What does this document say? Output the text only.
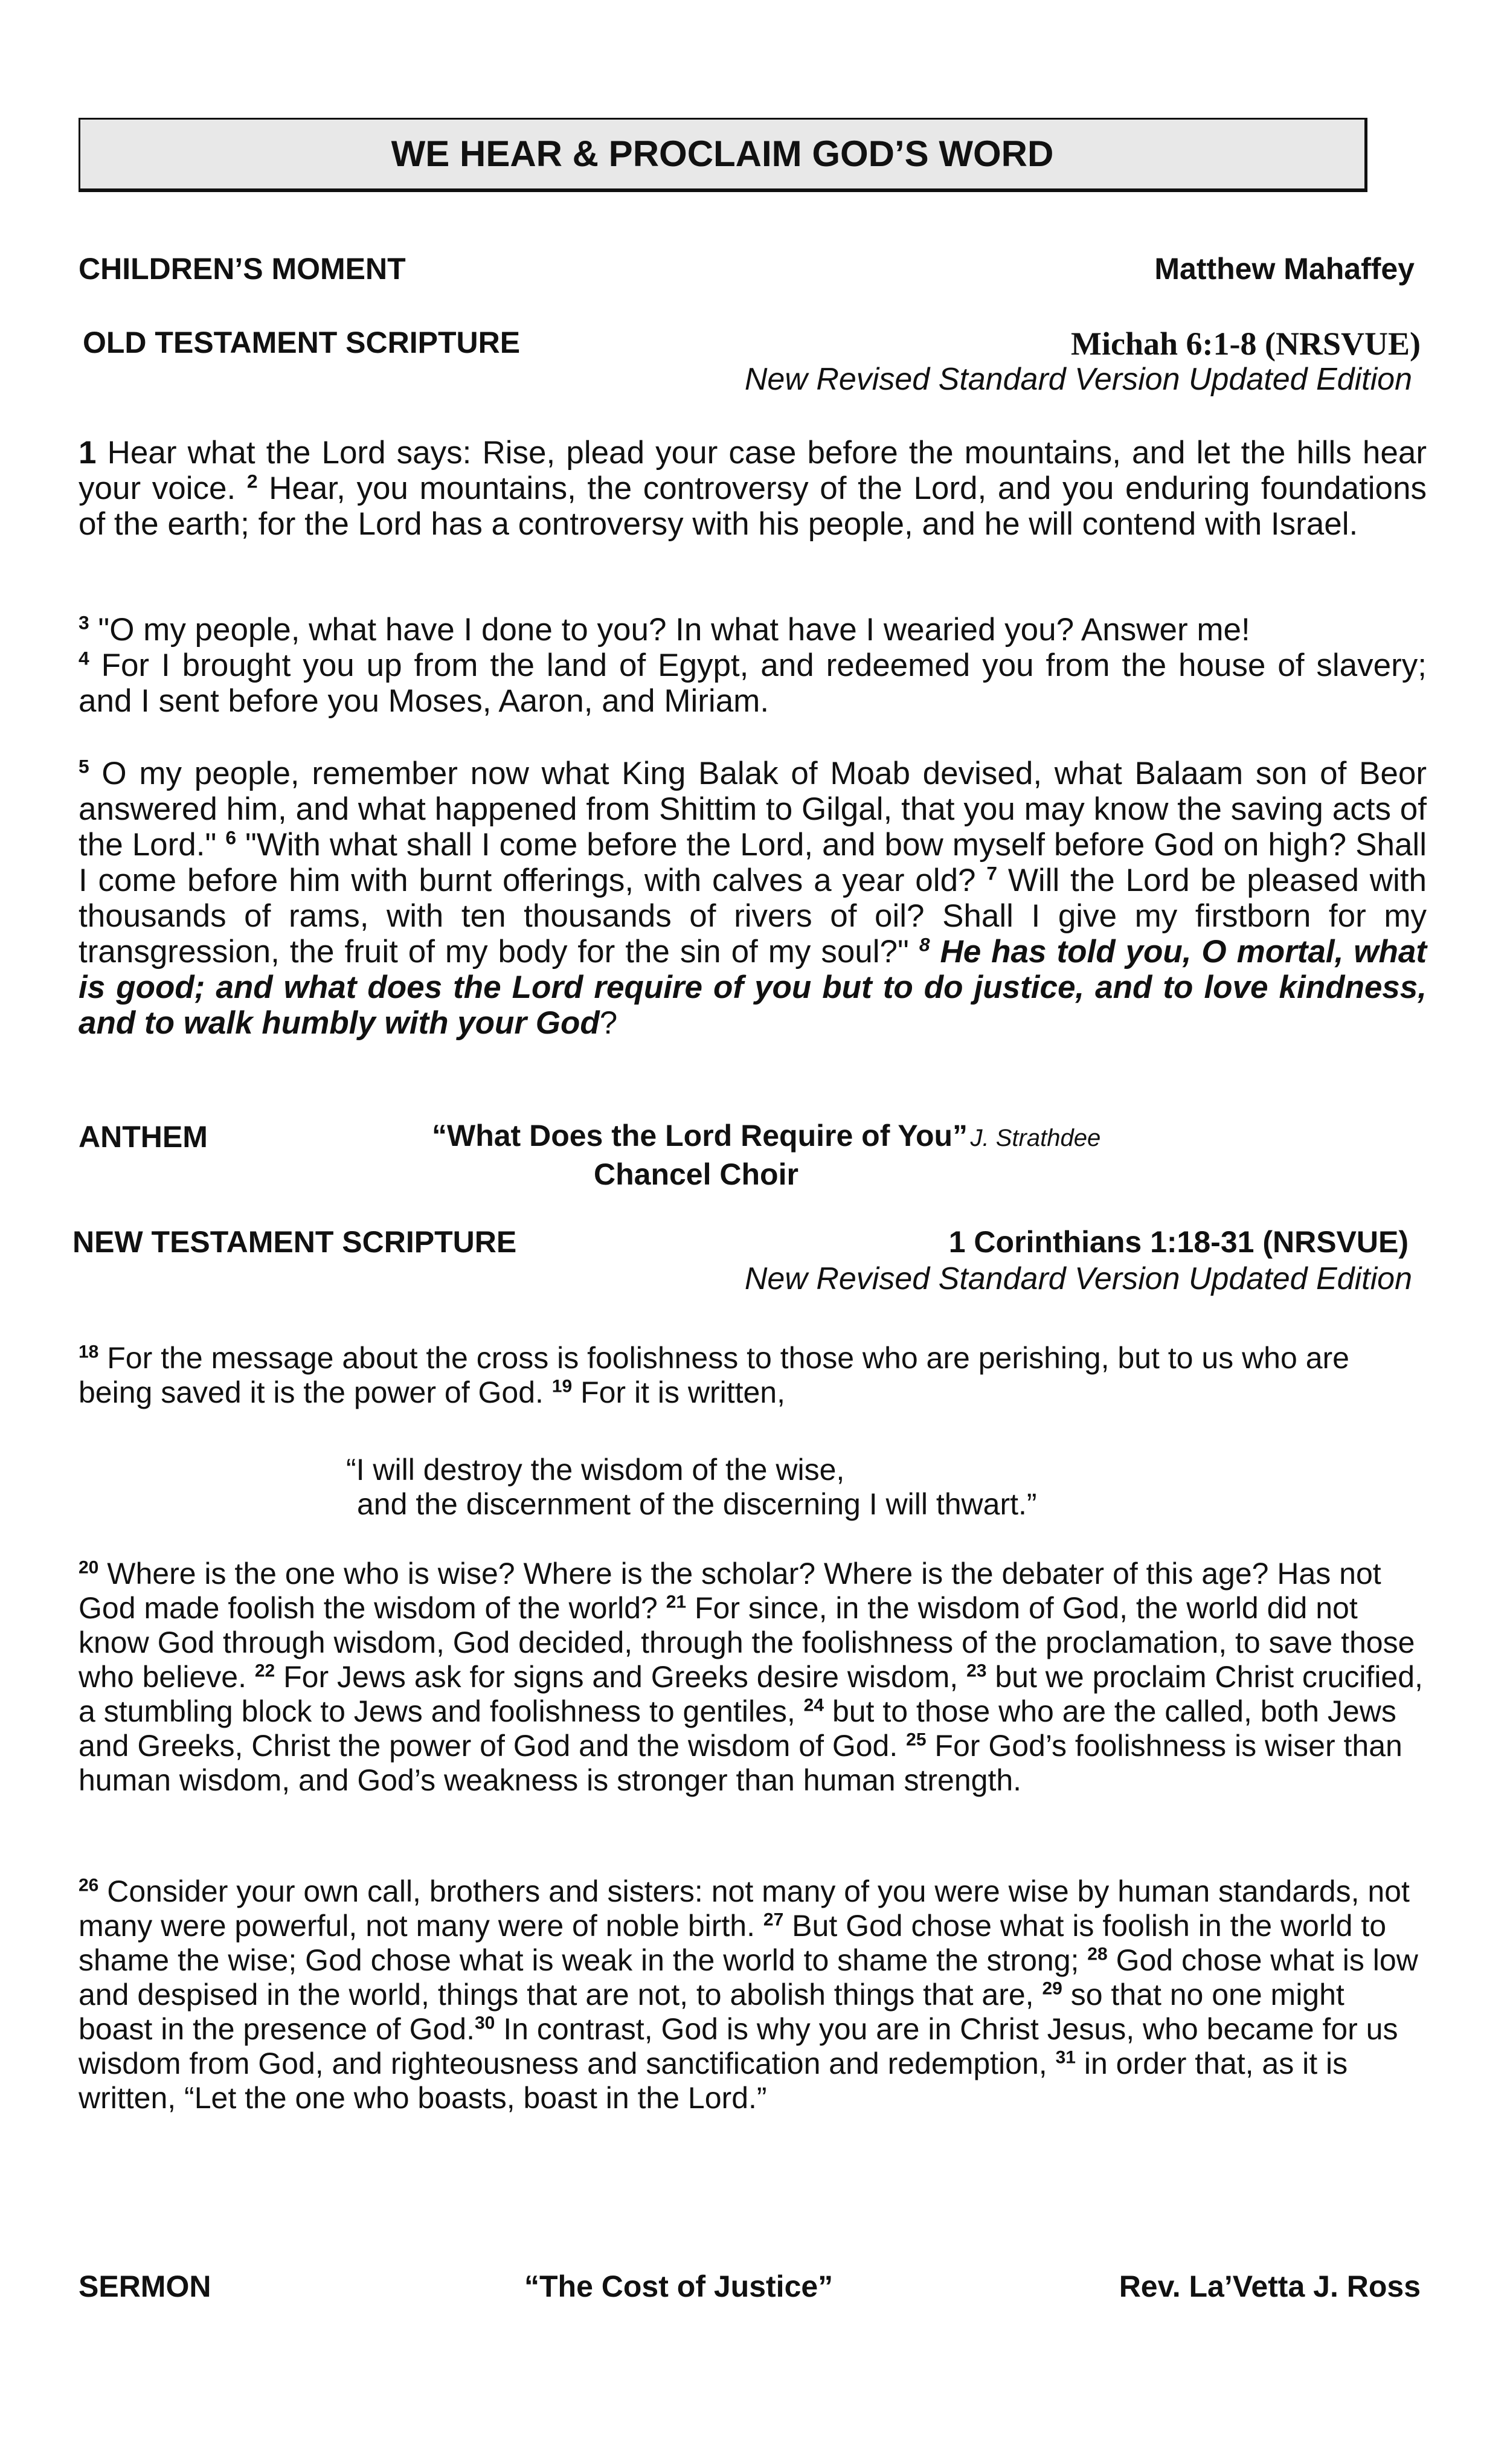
WE HEAR & PROCLAIM GOD’S WORD
CHILDREN’S MOMENT	Matthew Mahaffey
OLD TESTAMENT SCRIPTURE	Michah 6:1-8 (NRSVUE)
New Revised Standard Version Updated Edition
1 Hear what the Lord says: Rise, plead your case before the mountains, and let the hills hear your voice. $^2$ Hear, you mountains, the controversy of the Lord, and you enduring foundations of the earth; for the Lord has a controversy with his people, and he will contend with Israel.
$^3$ "O my people, what have I done to you? In what have I wearied you? Answer me!
$^4$ For I brought you up from the land of Egypt, and redeemed you from the house of slavery; and I sent before you Moses, Aaron, and Miriam.
$^5$ O my people, remember now what King Balak of Moab devised, what Balaam son of Beor answered him, and what happened from Shittim to Gilgal, that you may know the saving acts of the Lord." $^6$ "With what shall I come before the Lord, and bow myself before God on high? Shall I come before him with burnt offerings, with calves a year old? $^7$ Will the Lord be pleased with thousands of rams, with ten thousands of rivers of oil? Shall I give my firstborn for my transgression, the fruit of my body for the sin of my soul?" $^8$ He has told you, O mortal, what is good; and what does the Lord require of you but to do justice, and to love kindness, and to walk humbly with your God?
ANTHEM	“What Does the Lord Require of You” J. Strathdee
Chancel Choir
NEW TESTAMENT SCRIPTURE	1 Corinthians 1:18-31 (NRSVUE)
New Revised Standard Version Updated Edition
$^{18}$ For the message about the cross is foolishness to those who are perishing, but to us who are being saved it is the power of God. $^{19}$ For it is written,
“I will destroy the wisdom of the wise,
and the discernment of the discerning I will thwart.”
$^{20}$ Where is the one who is wise? Where is the scholar? Where is the debater of this age? Has not God made foolish the wisdom of the world? $^{21}$ For since, in the wisdom of God, the world did not know God through wisdom, God decided, through the foolishness of the proclamation, to save those who believe. $^{22}$ For Jews ask for signs and Greeks desire wisdom, $^{23}$ but we proclaim Christ crucified, a stumbling block to Jews and foolishness to gentiles, $^{24}$ but to those who are the called, both Jews and Greeks, Christ the power of God and the wisdom of God. $^{25}$ For God’s foolishness is wiser than human wisdom, and God’s weakness is stronger than human strength.
$^{26}$ Consider your own call, brothers and sisters: not many of you were wise by human standards, not many were powerful, not many were of noble birth. $^{27}$ But God chose what is foolish in the world to shame the wise; God chose what is weak in the world to shame the strong; $^{28}$ God chose what is low and despised in the world, things that are not, to abolish things that are, $^{29}$ so that no one might boast in the presence of God.$^{30}$ In contrast, God is why you are in Christ Jesus, who became for us wisdom from God, and righteousness and sanctification and redemption, $^{31}$ in order that, as it is written, “Let the one who boasts, boast in the Lord.”
SERMON	“The Cost of Justice”	Rev. La’Vetta J. Ross
